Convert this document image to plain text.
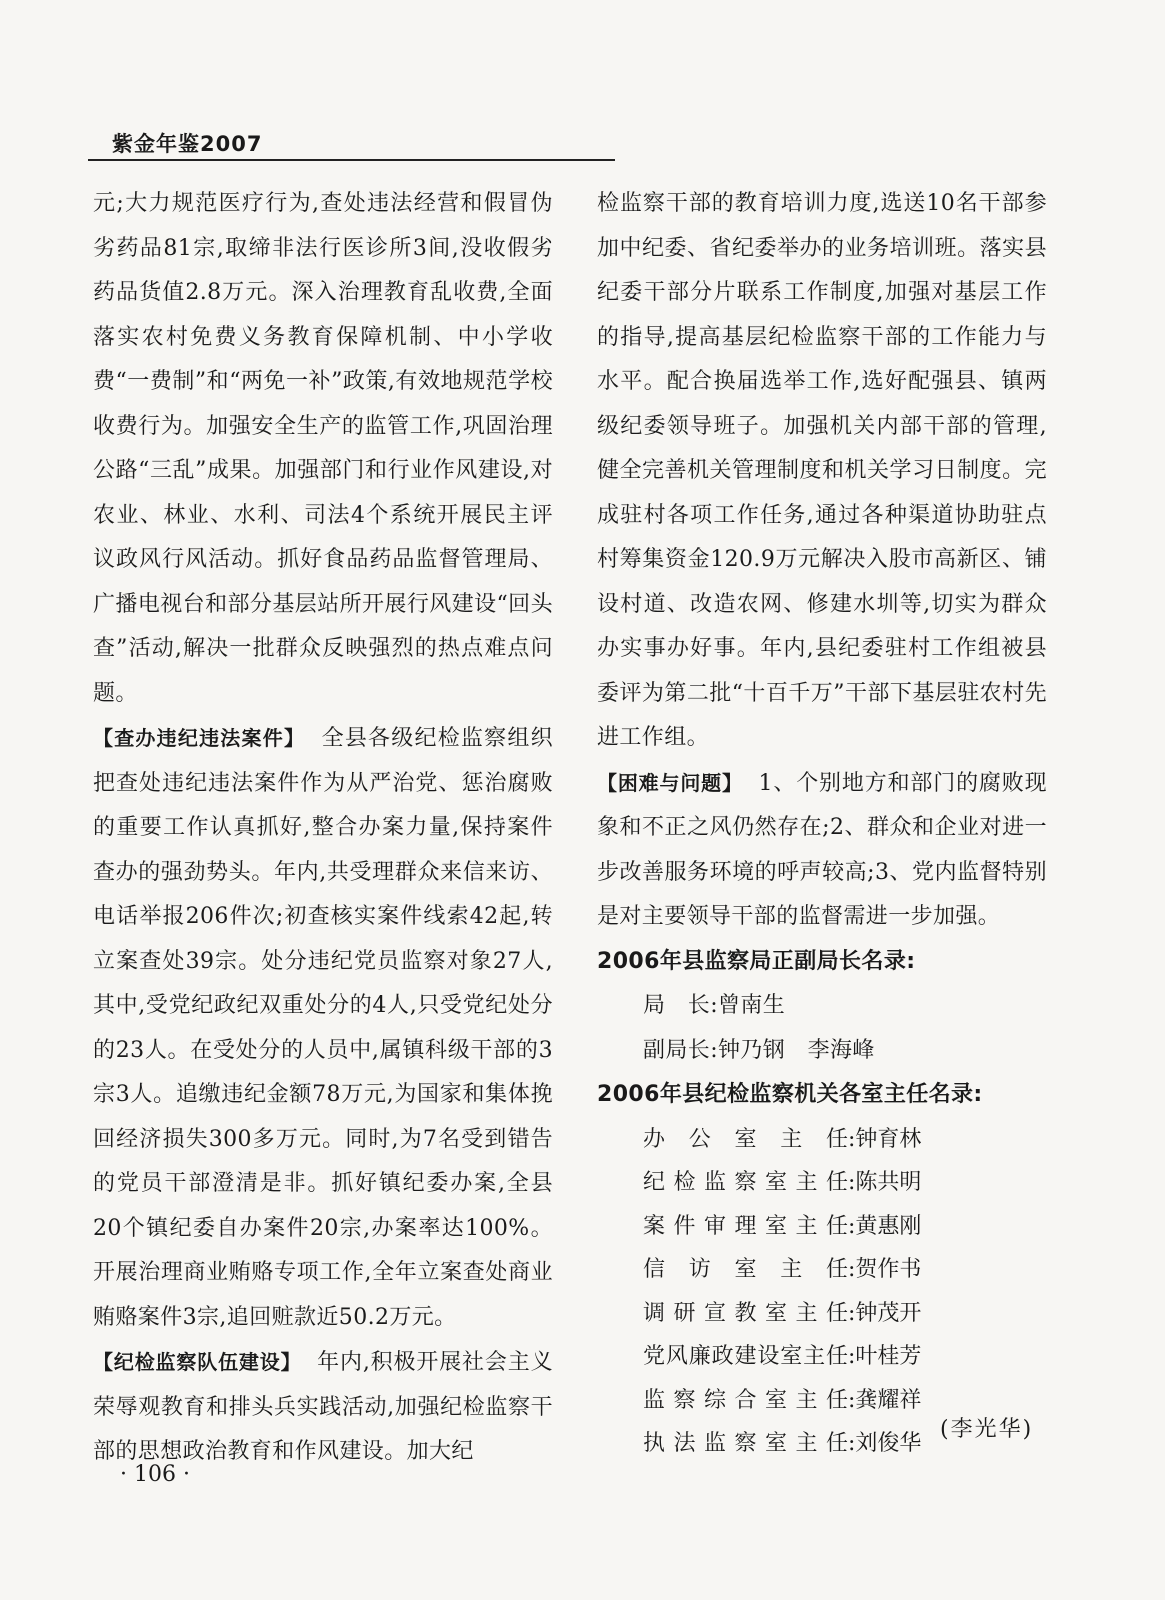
紫金年鉴2007

元;大力规范医疗行为,查处违法经营和假冒伪劣药品81宗,取缔非法行医诊所3间,没收假劣药品货值2.8万元。深入治理教育乱收费,全面落实农村免费义务教育保障机制、中小学收费“一费制”和“两免一补”政策,有效地规范学校收费行为。加强安全生产的监管工作,巩固治理公路“三乱”成果。加强部门和行业作风建设,对农业、林业、水利、司法4个系统开展民主评议政风行风活动。抓好食品药品监督管理局、广播电视台和部分基层站所开展行风建设“回头查”活动,解决一批群众反映强烈的热点难点问题。

【查办违纪违法案件】 全县各级纪检监察组织把查处违纪违法案件作为从严治党、惩治腐败的重要工作认真抓好,整合办案力量,保持案件查办的强劲势头。年内,共受理群众来信来访、电话举报206件次;初查核实案件线索42起,转立案查处39宗。处分违纪党员监察对象27人,其中,受党纪政纪双重处分的4人,只受党纪处分的23人。在受处分的人员中,属镇科级干部的3宗3人。追缴违纪金额78万元,为国家和集体挽回经济损失300多万元。同时,为7名受到错告的党员干部澄清是非。抓好镇纪委办案,全县20个镇纪委自办案件20宗,办案率达100%。开展治理商业贿赂专项工作,全年立案查处商业贿赂案件3宗,追回赃款近50.2万元。

【纪检监察队伍建设】 年内,积极开展社会主义荣辱观教育和排头兵实践活动,加强纪检监察干部的思想政治教育和作风建设。加大纪

检监察干部的教育培训力度,选送10名干部参加中纪委、省纪委举办的业务培训班。落实县纪委干部分片联系工作制度,加强对基层工作的指导,提高基层纪检监察干部的工作能力与水平。配合换届选举工作,选好配强县、镇两级纪委领导班子。加强机关内部干部的管理,健全完善机关管理制度和机关学习日制度。完成驻村各项工作任务,通过各种渠道协助驻点村筹集资金120.9万元解决入股市高新区、铺设村道、改造农网、修建水圳等,切实为群众办实事办好事。年内,县纪委驻村工作组被县委评为第二批“十百千万”干部下基层驻农村先进工作组。

【困难与问题】 1、个别地方和部门的腐败现象和不正之风仍然存在;2、群众和企业对进一步改善服务环境的呼声较高;3、党内监督特别是对主要领导干部的监督需进一步加强。

2006年县监察局正副局长名录:

局　长:曾南生

副局长:钟乃钢　李海峰

2006年县纪检监察机关各室主任名录:

办公室主任 :钟育林
纪检监察室主任 :陈共明
案件审理室主任 :黄惠刚
信访室主任 :贺作书
调研宣教室主任 :钟茂开
党风廉政建设室主任 :叶桂芳
监察综合室主任 :龚耀祥
执法监察室主任 :刘俊华
(李光华)
· 106 ·
